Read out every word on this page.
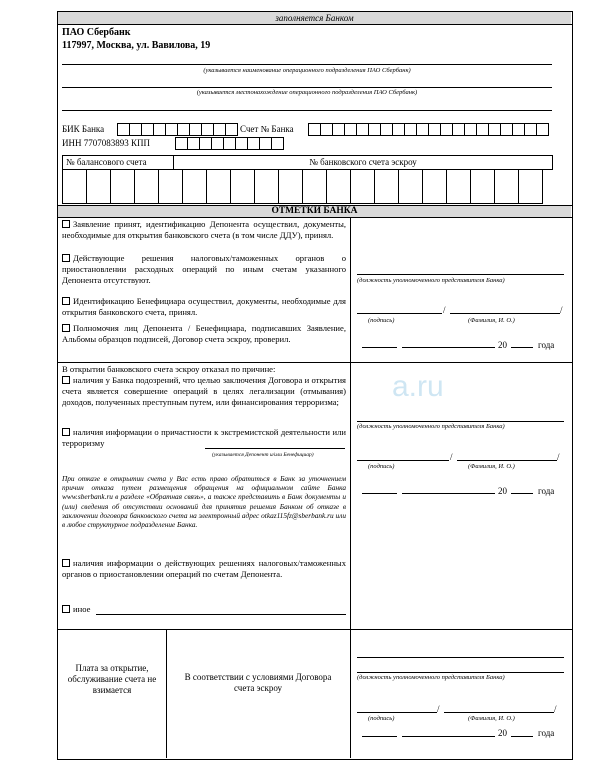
заполняется Банком
ПАО Сбербанк
117997, Москва, ул. Вавилова, 19
(указывается наименование операционного подразделения ПАО Сбербанк)
(указывается местонахождение операционного подразделения ПАО Сбербанк)
БИК Банка	Счет № Банка
ИНН 7707083893 КПП
№ балансового счета	№ банковского счета эскроу
ОТМЕТКИ БАНКА
Заявление принят, идентификацию Депонента осуществил, документы, необходимые для открытия банковского счета (в том числе ДДУ), принял.
Действующие решения налоговых/таможенных органов о приостановлении расходных операций по иным счетам указанного Депонента отсутствуют.
Идентификацию Бенефициара осуществил, документы, необходимые для открытия банковского счета, принял.
Полномочия лиц Депонента / Бенефициара, подписавших Заявление, Альбомы образцов подписей, Договор счета эскроу, проверил.
(должность уполномоченного представителя Банка)
/	/
(подпись)	(Фамилия, И. О.)
20	года
В открытии банковского счета эскроу отказал по причине:
наличия у Банка подозрений, что целью заключения Договора и открытия счета является совершение операций в целях легализации (отмывания) доходов, полученных преступным путем, или финансирования терроризма;
наличия информации о причастности к экстремистской деятельности или терроризму
(указывается Депонент и/или Бенефициар)
При отказе в открытии счета у Вас есть право обратиться в Банк за уточнением причин отказа путем размещения обращения на официальном сайте Банка www.sberbank.ru в разделе «Обратная связь», а также представить в Банк документы и (или) сведения об отсутствии оснований для принятия решения Банком об отказе в заключении договора банковского счета на электронный адрес otkaz115fz@sberbank.ru или в любое структурное подразделение Банка.
наличия информации о действующих решениях налоговых/таможенных органов о приостановлении операций по счетам Депонента.
иное
a.ru
(должность уполномоченного представителя Банка)
/	/
(подпись)	(Фамилия, И. О.)
20	года
Плата за открытие, обслуживание счета не взимается
В соответствии с условиями Договора счета эскроу
(должность уполномоченного представителя Банка)
/	/
(подпись)	(Фамилия, И. О.)
20	года
